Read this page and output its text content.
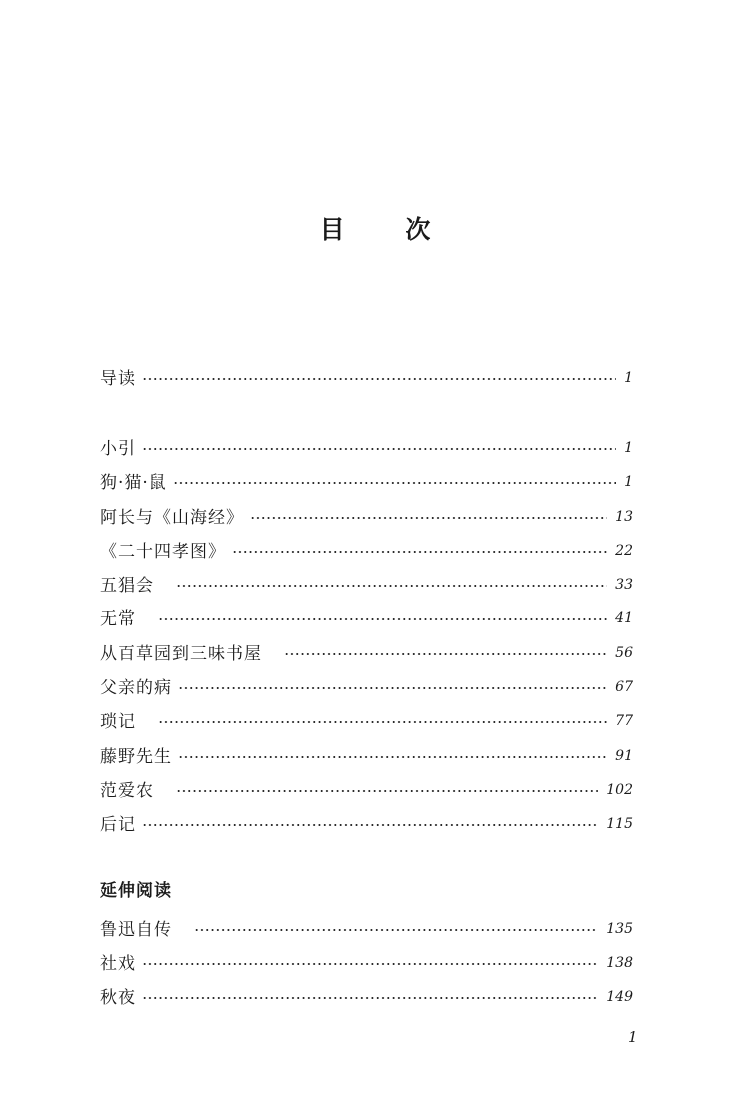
目 次
导读	1
小引	1
狗·猫·鼠	1
阿长与《山海经》	13
《二十四孝图》	22
五猖会	33
无常	41
从百草园到三味书屋	56
父亲的病	67
琐记	77
藤野先生	91
范爱农	102
后记	115
延伸阅读
鲁迅自传	135
社戏	138
秋夜	149
1
